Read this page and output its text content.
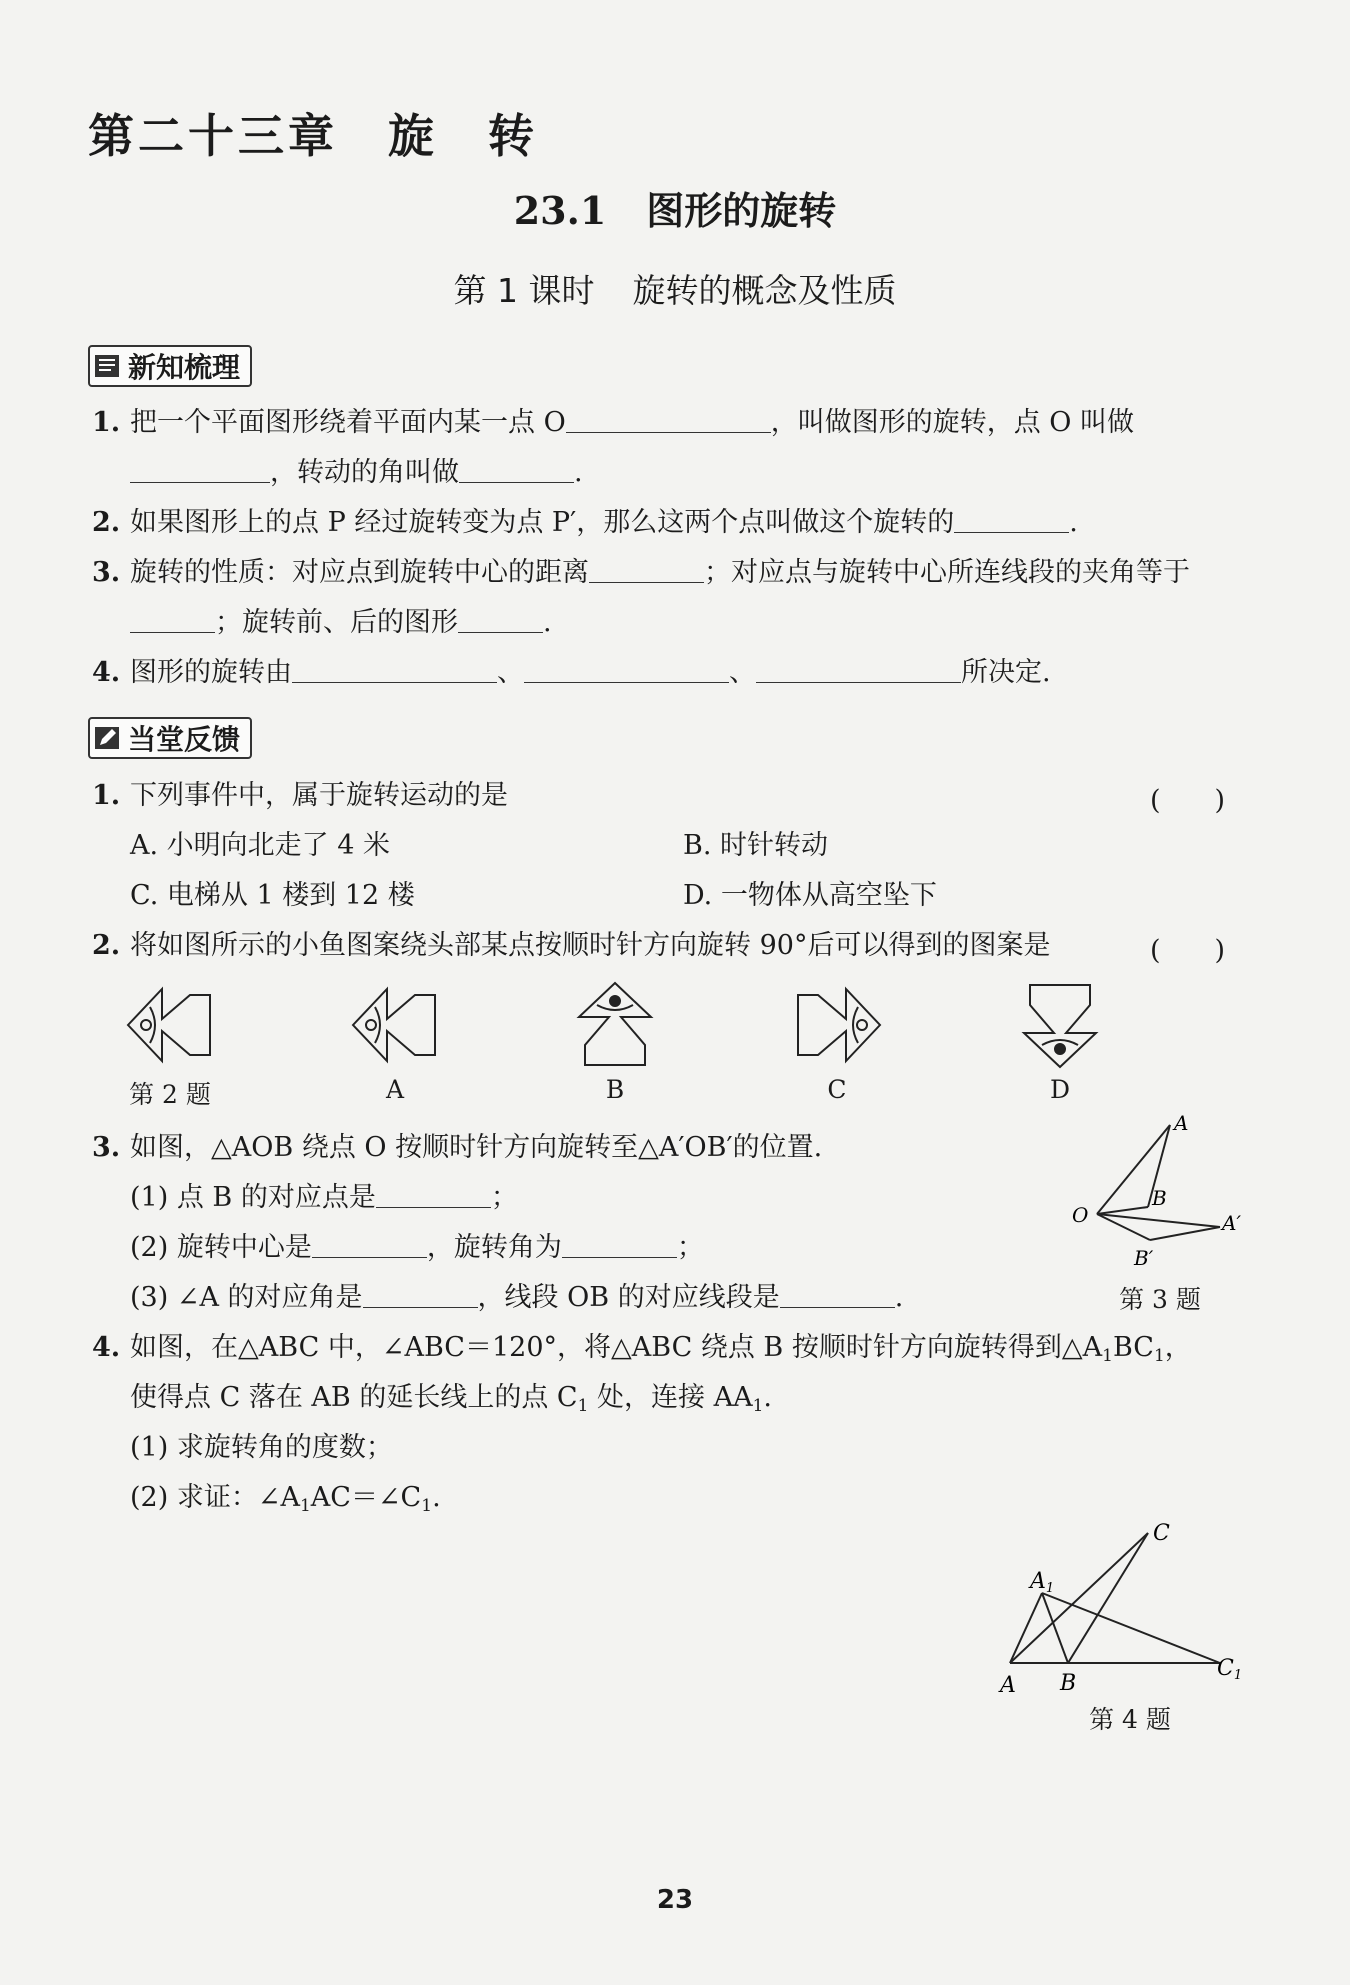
第二十三章　旋　转
23.1 图形的旋转
第 1 课时 旋转的概念及性质
新知梳理
1. 把一个平面图形绕着平面内某一点 O	，叫做图形的旋转，点 O 叫做
，转动的角叫做	.
2. 如果图形上的点 P 经过旋转变为点 P′，那么这两个点叫做这个旋转的	.
3. 旋转的性质：对应点到旋转中心的距离	；对应点与旋转中心所连线段的夹角等于
；旋转前、后的图形	.
4. 图形的旋转由	、	、	所决定.
当堂反馈
1. 下列事件中，属于旋转运动的是	(　　)
A. 小明向北走了 4 米	B. 时针转动
C. 电梯从 1 楼到 12 楼	D. 一物体从高空坠下
2. 将如图所示的小鱼图案绕头部某点按顺时针方向旋转 90°后可以得到的图案是	(　　)
第 2 题	A	B	C	D
3. 如图，△AOB 绕点 O 按顺时针方向旋转至△A′OB′的位置.
(1) 点 B 的对应点是	；
(2) 旋转中心是	，旋转角为	；
(3) ∠A 的对应角是	，线段 OB 的对应线段是	.
A
B
O	A′
B′
第 3 题
4. 如图，在△ABC 中，∠ABC＝120°，将△ABC 绕点 B 按顺时针方向旋转得到$\triangle A_1BC_1$，
使得点 C 落在 AB 的延长线上的点 $C_1$ 处，连接 $AA_1$.
(1) 求旋转角的度数；
(2) 求证：$\angle A_1AC=\angle C_1$.
C
A1
A B
C1
第 4 题
23
